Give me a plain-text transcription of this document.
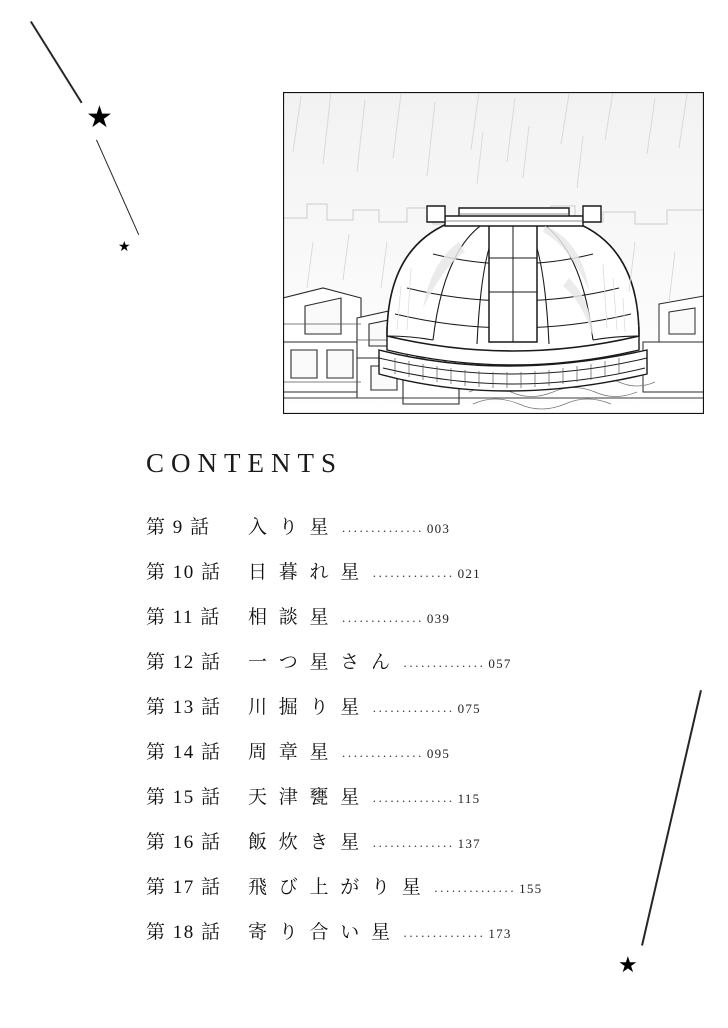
★
★
★
CONTENTS
第 9 話	入 り 星 .............. 003
第 10 話	日 暮 れ 星 .............. 021
第 11 話	相 談 星 .............. 039
第 12 話	一 つ 星 さ ん .............. 057
第 13 話	川 掘 り 星 .............. 075
第 14 話	周 章 星 .............. 095
第 15 話	天 津 甕 星 .............. 115
第 16 話	飯 炊 き 星 .............. 137
第 17 話	飛 び 上 が り 星 .............. 155
第 18 話	寄 り 合 い 星 .............. 173
